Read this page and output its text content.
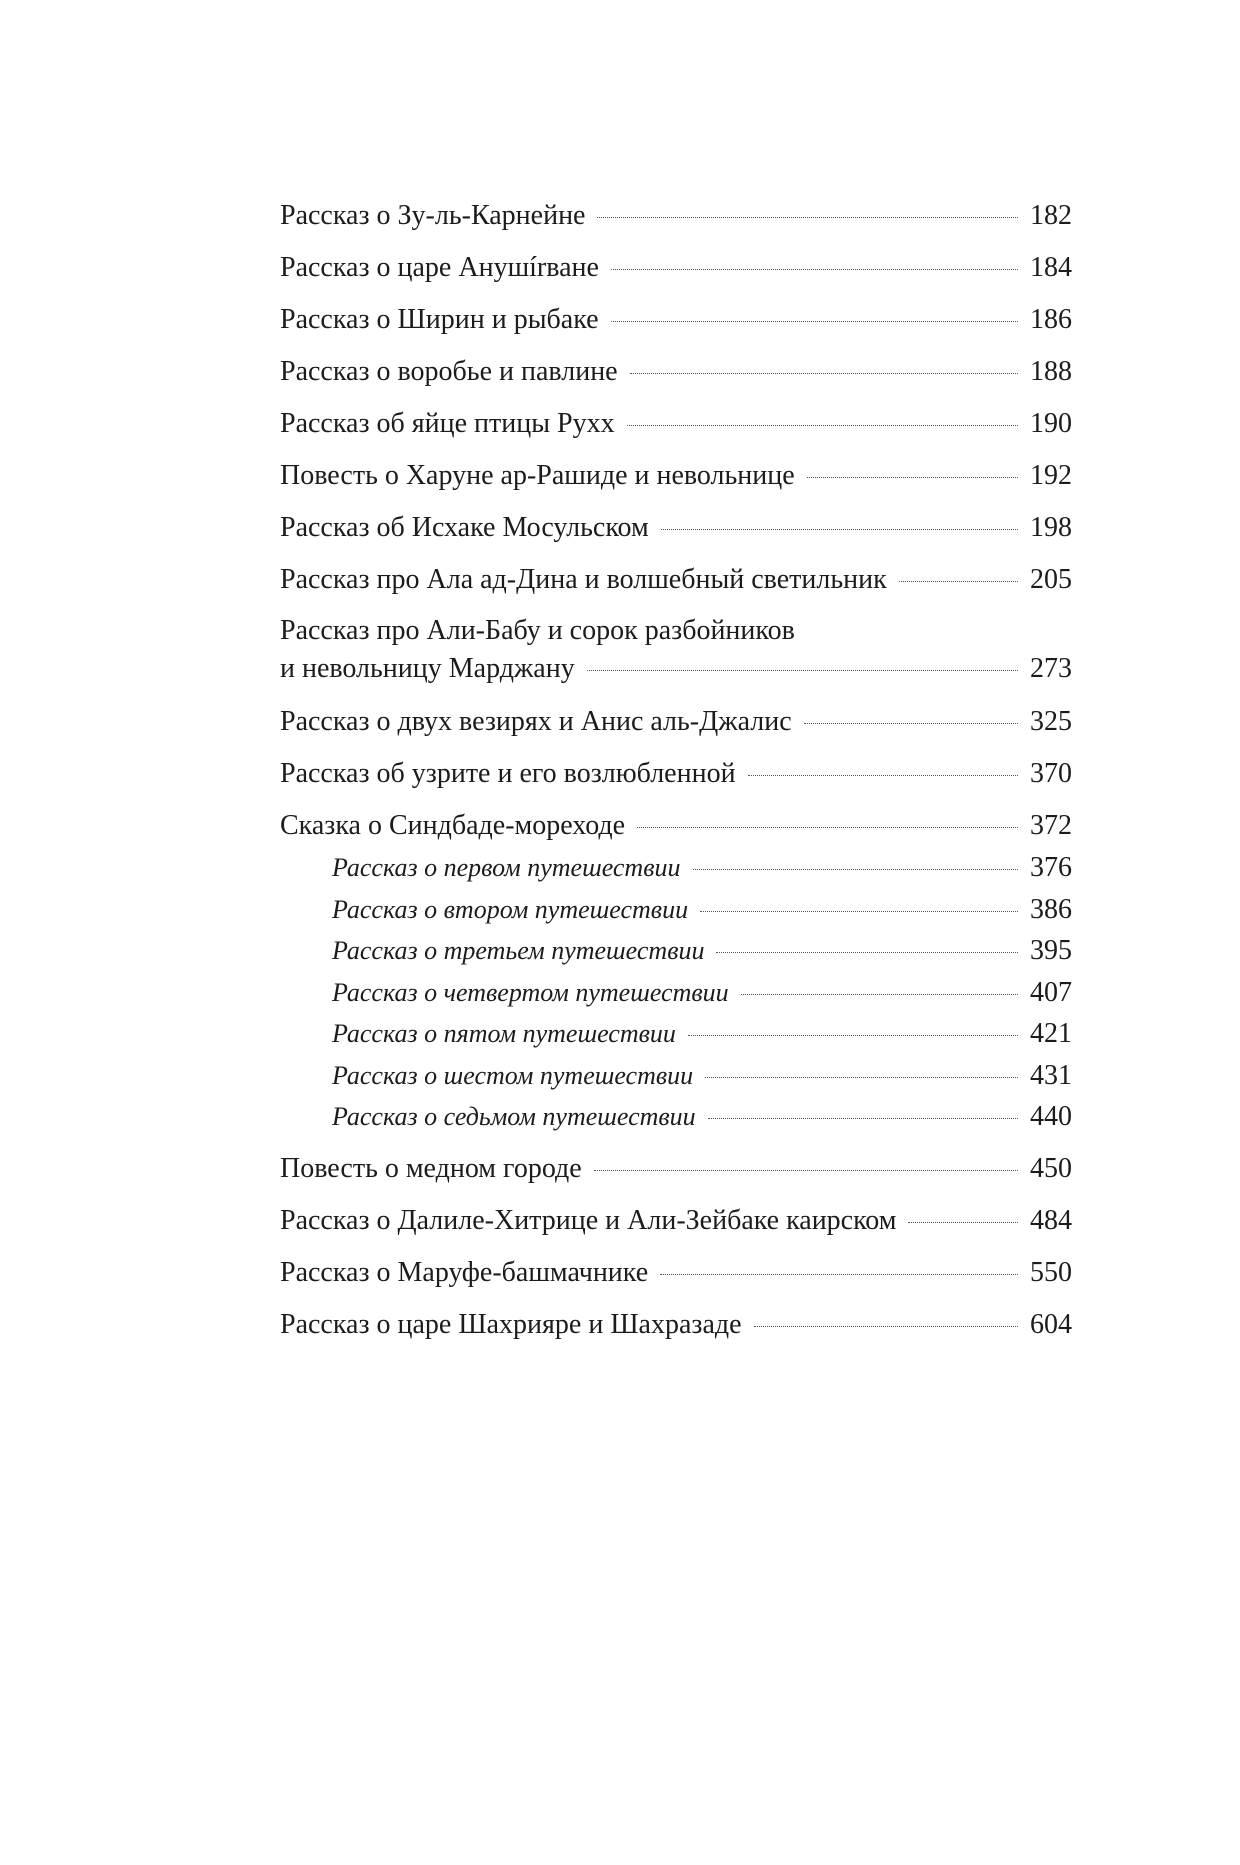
Рассказ о Зу-ль-Карнейне	182
Рассказ о царе Анушírване	184
Рассказ о Ширин и рыбаке	186
Рассказ о воробье и павлине	188
Рассказ об яйце птицы Рухх	190
Повесть о Харуне ар-Рашиде и невольнице	192
Рассказ об Исхаке Мосульском	198
Рассказ про Ала ад-Дина и волшебный светильник	205
Рассказ про Али-Бабу и сорок разбойников
и невольницу Марджану	273
Рассказ о двух везирях и Анис аль-Джалис	325
Рассказ об узрите и его возлюбленной	370
Сказка о Синдбаде-мореходе	372
Рассказ о первом путешествии	376
Рассказ о втором путешествии	386
Рассказ о третьем путешествии	395
Рассказ о четвертом путешествии	407
Рассказ о пятом путешествии	421
Рассказ о шестом путешествии	431
Рассказ о седьмом путешествии	440
Повесть о медном городе	450
Рассказ о Далиле-Хитрице и Али-Зейбаке каирском	484
Рассказ о Маруфе-башмачнике	550
Рассказ о царе Шахрияре и Шахразаде	604
